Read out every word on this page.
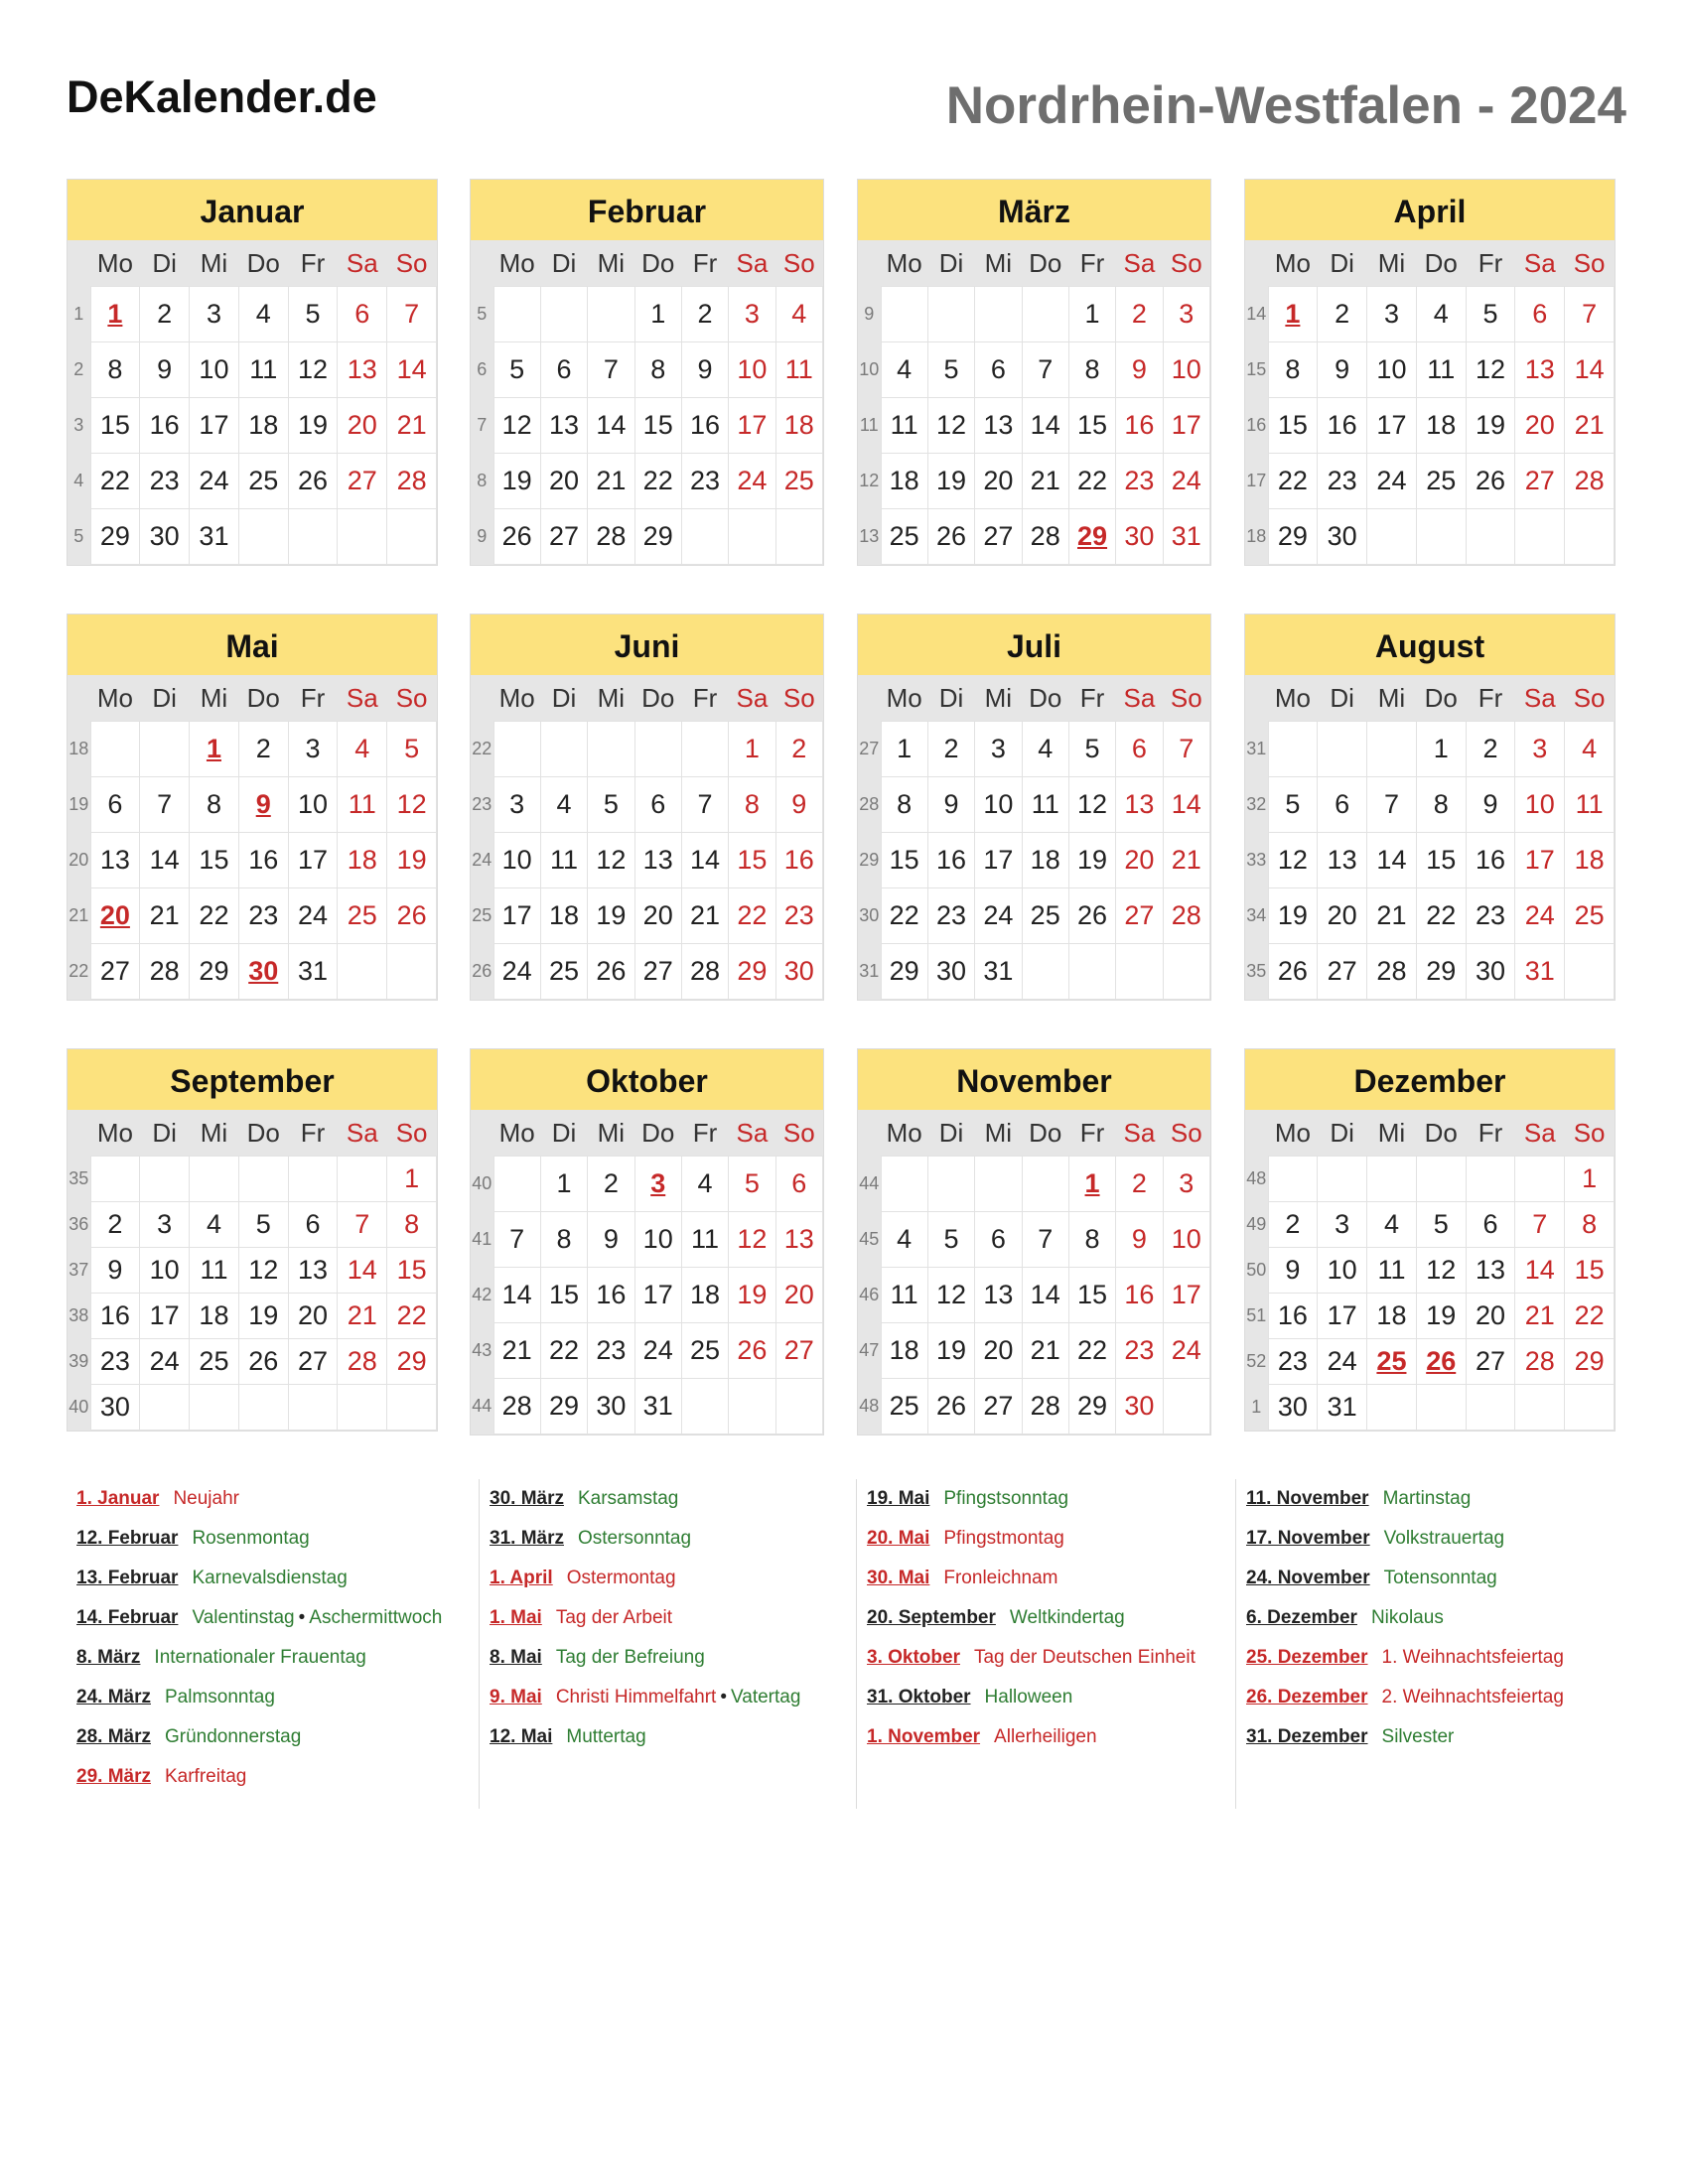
DeKalender.de	Nordrhein-Westfalen - 2024
Januar
	Mo	Di	Mi	Do	Fr	Sa	So
1	1	2	3	4	5	6	7
2	8	9	10	11	12	13	14
3	15	16	17	18	19	20	21
4	22	23	24	25	26	27	28
5	29	30	31				
Februar
	Mo	Di	Mi	Do	Fr	Sa	So
5				1	2	3	4
6	5	6	7	8	9	10	11
7	12	13	14	15	16	17	18
8	19	20	21	22	23	24	25
9	26	27	28	29			
März
	Mo	Di	Mi	Do	Fr	Sa	So
9					1	2	3
10	4	5	6	7	8	9	10
11	11	12	13	14	15	16	17
12	18	19	20	21	22	23	24
13	25	26	27	28	29	30	31
April
	Mo	Di	Mi	Do	Fr	Sa	So
14	1	2	3	4	5	6	7
15	8	9	10	11	12	13	14
16	15	16	17	18	19	20	21
17	22	23	24	25	26	27	28
18	29	30					
Mai
	Mo	Di	Mi	Do	Fr	Sa	So
18			1	2	3	4	5
19	6	7	8	9	10	11	12
20	13	14	15	16	17	18	19
21	20	21	22	23	24	25	26
22	27	28	29	30	31		
Juni
	Mo	Di	Mi	Do	Fr	Sa	So
22						1	2
23	3	4	5	6	7	8	9
24	10	11	12	13	14	15	16
25	17	18	19	20	21	22	23
26	24	25	26	27	28	29	30
Juli
	Mo	Di	Mi	Do	Fr	Sa	So
27	1	2	3	4	5	6	7
28	8	9	10	11	12	13	14
29	15	16	17	18	19	20	21
30	22	23	24	25	26	27	28
31	29	30	31				
August
	Mo	Di	Mi	Do	Fr	Sa	So
31				1	2	3	4
32	5	6	7	8	9	10	11
33	12	13	14	15	16	17	18
34	19	20	21	22	23	24	25
35	26	27	28	29	30	31	
September
	Mo	Di	Mi	Do	Fr	Sa	So
35							1
36	2	3	4	5	6	7	8
37	9	10	11	12	13	14	15
38	16	17	18	19	20	21	22
39	23	24	25	26	27	28	29
40	30						
Oktober
	Mo	Di	Mi	Do	Fr	Sa	So
40		1	2	3	4	5	6
41	7	8	9	10	11	12	13
42	14	15	16	17	18	19	20
43	21	22	23	24	25	26	27
44	28	29	30	31			
November
	Mo	Di	Mi	Do	Fr	Sa	So
44					1	2	3
45	4	5	6	7	8	9	10
46	11	12	13	14	15	16	17
47	18	19	20	21	22	23	24
48	25	26	27	28	29	30	
Dezember
	Mo	Di	Mi	Do	Fr	Sa	So
48							1
49	2	3	4	5	6	7	8
50	9	10	11	12	13	14	15
51	16	17	18	19	20	21	22
52	23	24	25	26	27	28	29
1	30	31					
1. Januar Neujahr
12. Februar Rosenmontag
13. Februar Karnevalsdienstag
14. Februar Valentinstag • Aschermittwoch
8. März Internationaler Frauentag
24. März Palmsonntag
28. März Gründonnerstag
29. März Karfreitag
30. März Karsamstag
31. März Ostersonntag
1. April Ostermontag
1. Mai Tag der Arbeit
8. Mai Tag der Befreiung
9. Mai Christi Himmelfahrt • Vatertag
12. Mai Muttertag
19. Mai Pfingstsonntag
20. Mai Pfingstmontag
30. Mai Fronleichnam
20. September Weltkindertag
3. Oktober Tag der Deutschen Einheit
31. Oktober Halloween
1. November Allerheiligen
11. November Martinstag
17. November Volkstrauertag
24. November Totensonntag
6. Dezember Nikolaus
25. Dezember 1. Weihnachtsfeiertag
26. Dezember 2. Weihnachtsfeiertag
31. Dezember Silvester
